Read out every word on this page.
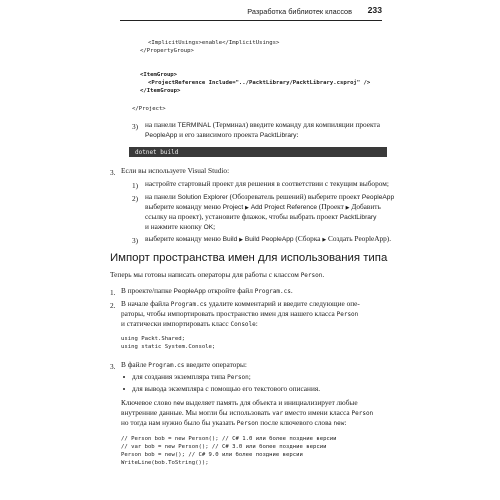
Разработка библиотек классов 233
<ImplicitUsings>enable</ImplicitUsings>
</PropertyGroup>
<ItemGroup>
<ProjectReference Include="../PacktLibrary/PacktLibrary.csproj" />
</ItemGroup>
</Project>
3) на панели TERMINAL (Терминал) введите команду для компиляции проекта
PeopleApp и его зависимого проекта PacktLibrary:
dotnet build
3. Если вы используете Visual Studio:
1) настройте стартовый проект для решения в соответствии с текущим выбором;
2) на панели Solution Explorer (Обозреватель решений) выберите проект PeopleApp
выберите команду меню Project ▶ Add Project Reference (Проект ▶ Добавить
ссылку на проект), установите флажок, чтобы выбрать проект PacktLibrary
и нажмите кнопку OK;
3) выберите команду меню Build ▶ Build PeopleApp (Сборка ▶ Создать PeopleApp).
Импорт пространства имен для использования типа
Теперь мы готовы написать операторы для работы с классом Person.
1. В проекте/папке PeopleApp откройте файл Program.cs.
2. В начале файла Program.cs удалите комментарий и введите следующие опе-
раторы, чтобы импортировать пространство имен для нашего класса Person
и статически импортировать класс Console:
using Packt.Shared;
using static System.Console;
3. В файле Program.cs введите операторы:
для создания экземпляра типа Person;
для вывода экземпляра с помощью его текстового описания.
Ключевое слово new выделяет память для объекта и инициализирует любые
внутренние данные. Мы могли бы использовать var вместо имени класса Person
но тогда нам нужно было бы указать Person после ключевого слова new:
// Person bob = new Person(); // C# 1.0 или более поздние версии
// var bob = new Person(); // C# 3.0 или более поздние версии
Person bob = new(); // C# 9.0 или более поздние версии
WriteLine(bob.ToString());
